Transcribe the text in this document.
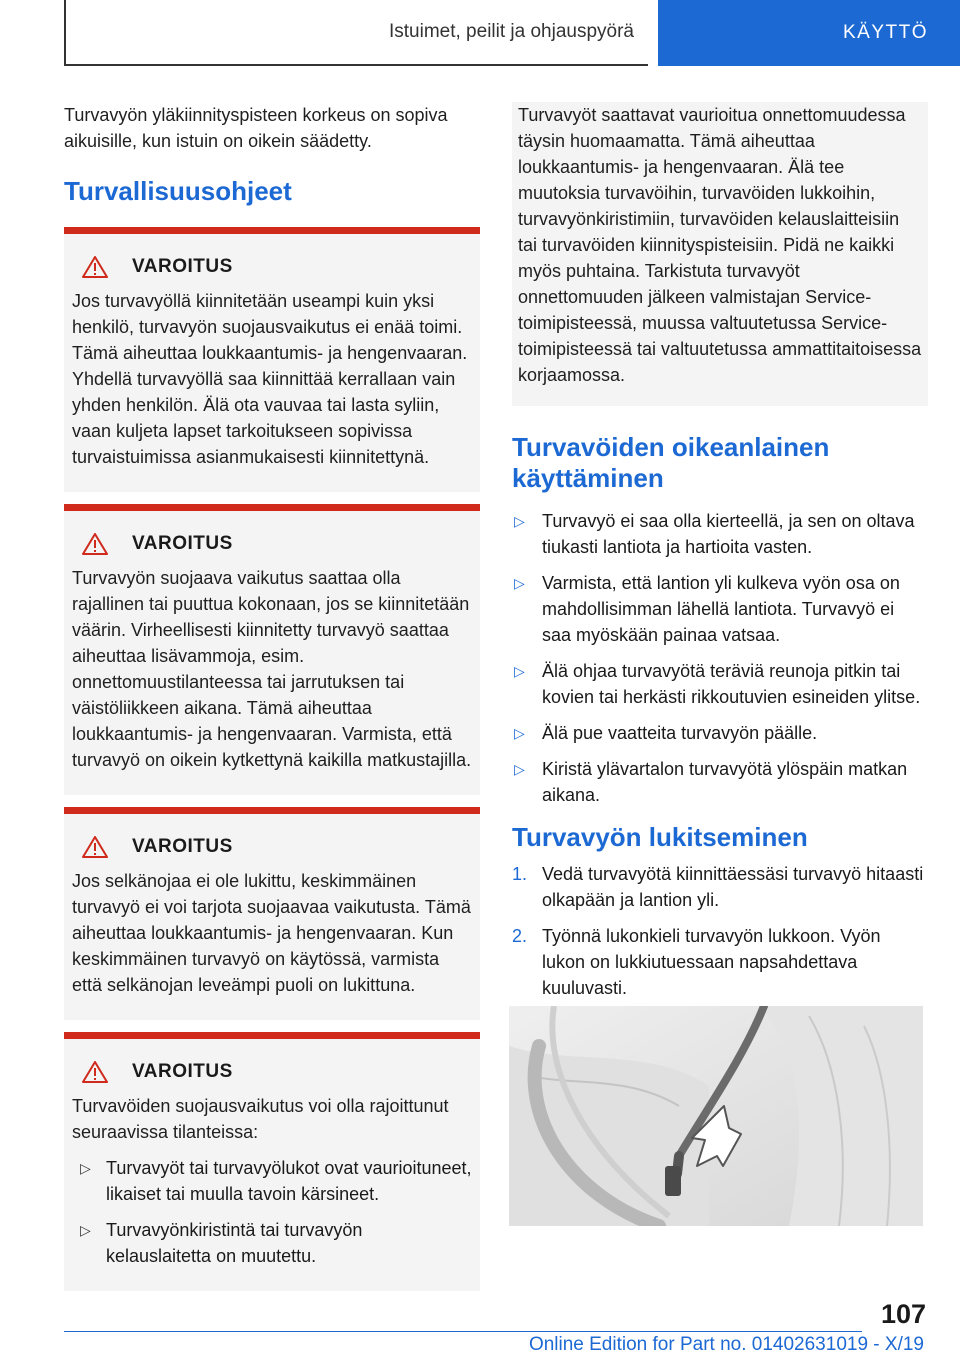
Istuimet, peilit ja ohjauspyörä	KÄYTTÖ

Turvavyön yläkiinnityspisteen korkeus on sopiva aikuisille, kun istuin on oikein säädetty.

Turvallisuusohjeet
VAROITUS

Jos turvavyöllä kiinnitetään useampi kuin yksi henkilö, turvavyön suojausvaikutus ei enää toimi. Tämä aiheuttaa loukkaantumis- ja hengenvaaran. Yhdellä turvavyöllä saa kiinnittää kerrallaan vain yhden henkilön. Älä ota vauvaa tai lasta syliin, vaan kuljeta lapset tarkoitukseen sopivissa turvaistuimissa asianmukaisesti kiinnitettynä.

VAROITUS

Turvavyön suojaava vaikutus saattaa olla rajallinen tai puuttua kokonaan, jos se kiinnitetään väärin. Virheellisesti kiinnitetty turvavyö saattaa aiheuttaa lisävammoja, esim. onnettomuustilanteessa tai jarrutuksen tai väistöliikkeen aikana. Tämä aiheuttaa loukkaantumis- ja hengenvaaran. Varmista, että turvavyö on oikein kytkettynä kaikilla matkustajilla.

VAROITUS

Jos selkänojaa ei ole lukittu, keskimmäinen turvavyö ei voi tarjota suojaavaa vaikutusta. Tämä aiheuttaa loukkaantumis- ja hengenvaaran. Kun keskimmäinen turvavyö on käytössä, varmista että selkänojan leveämpi puoli on lukittuna.

VAROITUS

Turvavöiden suojausvaikutus voi olla rajoittunut seuraavissa tilanteissa:

▷ Turvavyöt tai turvavyölukot ovat vaurioituneet, likaiset tai muulla tavoin kärsineet.
▷ Turvavyönkiristintä tai turvavyön kelauslaitetta on muutettu.

Turvavyöt saattavat vaurioitua onnettomuudessa täysin huomaamatta. Tämä aiheuttaa loukkaantumis- ja hengenvaaran. Älä tee muutoksia turvavöihin, turvavöiden lukkoihin, turvavyönkiristimiin, turvavöiden kelauslaitteisiin tai turvavöiden kiinnityspisteisiin. Pidä ne kaikki myös puhtaina. Tarkistuta turvavyöt onnettomuuden jälkeen valmistajan Service-toimipisteessä, muussa valtuutetussa Service-toimipisteessä tai valtuutetussa ammattitaitoisessa korjaamossa.

Turvavöiden oikeanlainen käyttäminen
▷ Turvavyö ei saa olla kierteellä, ja sen on oltava tiukasti lantiota ja hartioita vasten.
▷ Varmista, että lantion yli kulkeva vyön osa on mahdollisimman lähellä lantiota. Turvavyö ei saa myöskään painaa vatsaa.
▷ Älä ohjaa turvavyötä teräviä reunoja pitkin tai kovien tai herkästi rikkoutuvien esineiden ylitse.
▷ Älä pue vaatteita turvavyön päälle.
▷ Kiristä ylävartalon turvavyötä ylöspäin matkan aikana.
Turvavyön lukitseminen
1. Vedä turvavyötä kiinnittäessäsi turvavyö hitaasti olkapään ja lantion yli.
2. Työnnä lukonkieli turvavyön lukkoon. Vyön lukon on lukkiutuessaan napsahdettava kuuluvasti.
107
Online Edition for Part no. 01402631019 - X/19
